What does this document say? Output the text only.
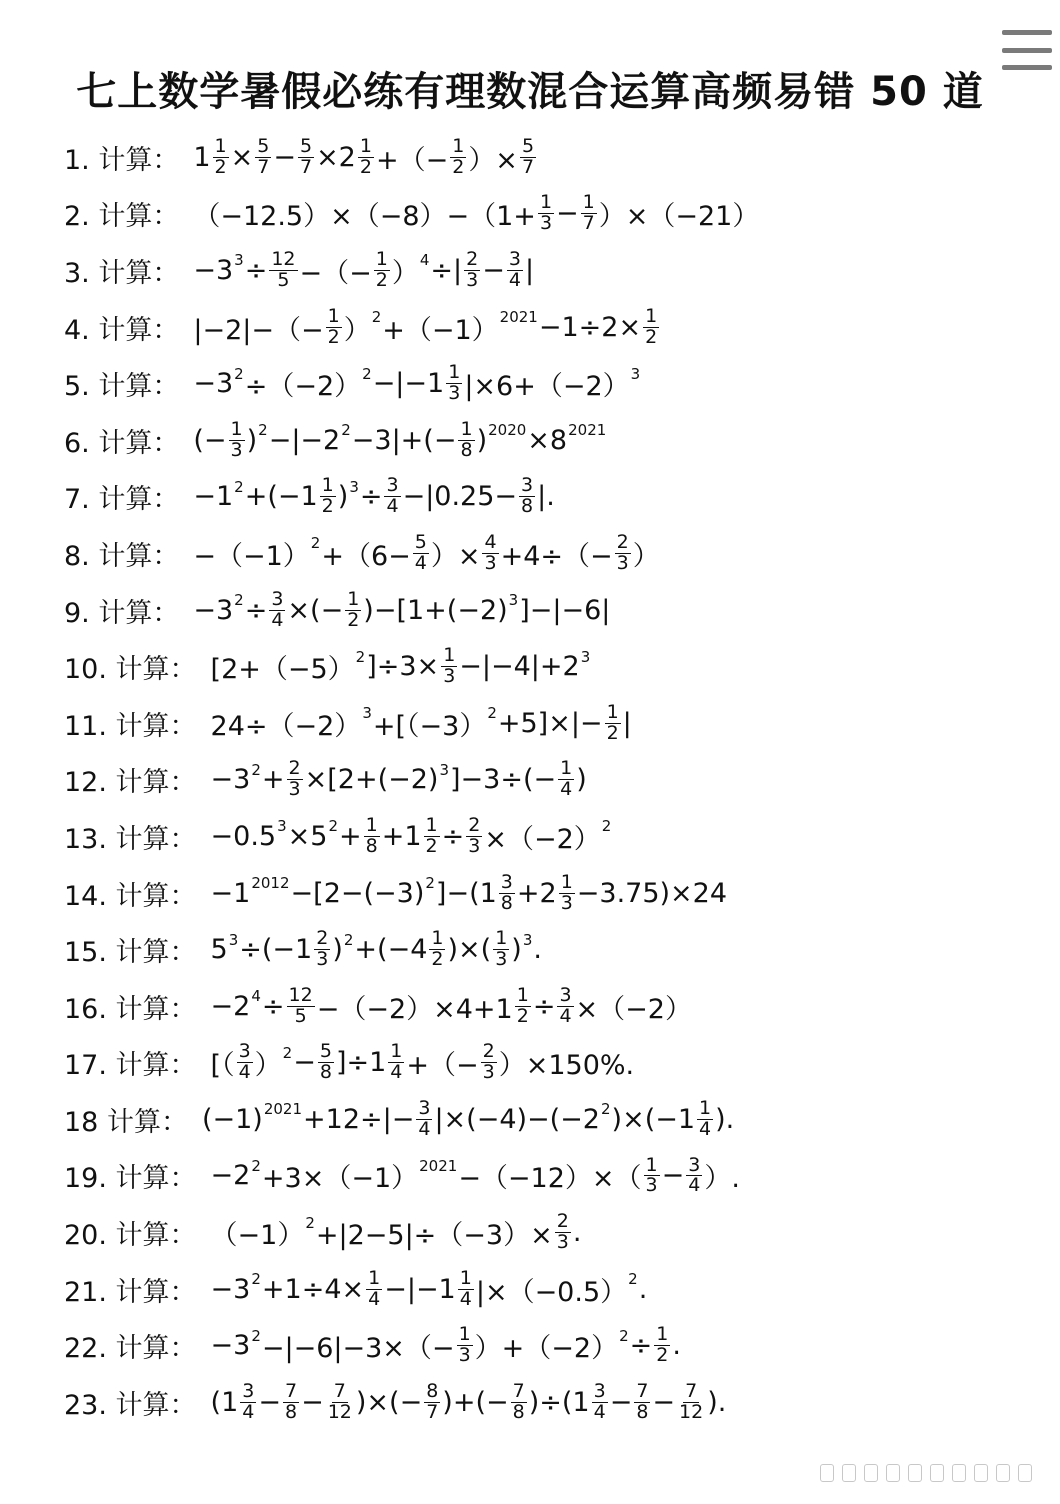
七上数学暑假必练有理数混合运算高频易错 50 道
1. 计算： $1 \frac{1}{2} \times \frac{5}{7} - \frac{5}{7} \times 2 \frac{1}{2}$ +（− $\frac{1}{2}$ ）× $\frac{5}{7}$
2. 计算： $(-12.5)\times(-8)-(1+ \frac{1}{3} - \frac{1}{7} )\times(-21)$
3. 计算： −3 $3 \div \frac{12}{5}$ −（− $\frac{1}{2}$ ） 4 ÷| $\frac{2}{3} - \frac{3}{4}$ |
4. 计算： $|-2|-(- \frac{1}{2}$ ） 2 +（−1） $2021 -1\div 2\times \frac{1}{2}$
5. 计算： −3 2 ÷（−2） $2 -|-1 \frac{1}{3} |\times 6+(-2)$ 3
6. 计算： (− $\frac{1}{3}$ ) 2 −|−2 $2 -3|+(- \frac{1}{8}$ ) 2020 ×8 2021
7. 计算： −1 $2 +(-1 \frac{1}{2}$ ) $3 \div \frac{3}{4} -|0.25- \frac{3}{8}$ |.
8. 计算： −（−1） $2 +(6- \frac{5}{4}$ ）× $\frac{4}{3} +4\div(- \frac{2}{3}$ ）
9. 计算： −3 $2 \div \frac{3}{4}$ ×(− $\frac{1}{2} )-[1+(-2)$ 3 ]−|−6|
10. 计算： [2+（−5） 2 ]$\div 3\times \frac{1}{3} -|-4|+2$ 3
11. 计算： 24÷（−2） 3 +[（−3） $2 +5]\times|- \frac{1}{2}$ |
12. 计算： −3 $2 + \frac{2}{3} \times[2+(-2)$ 3 ]$-3\div(- \frac{1}{4}$ )
13. 计算： −0.5 3 ×5 $2 + \frac{1}{8} +1 \frac{1}{2} \div \frac{2}{3} \times(-2)$ 2
14. 计算： −1 2012 −[2−(−3) 2 ]$-(1 \frac{3}{8} +2 \frac{1}{3} -3.75)\times 24$
15. 计算： 5 $3 \div(-1 \frac{2}{3}$ ) $2 +(-4 \frac{1}{2}$ )×( $\frac{1}{3}$ ) 3 .
16. 计算： −2 $4 \div \frac{12}{5} -(-2)\times 4+1 \frac{1}{2} \div \frac{3}{4} \times(-2)$
17. 计算： [（ $\frac{3}{4}$ ） $2 - \frac{5}{8} ]\div 1 \frac{1}{4}$ +（− $\frac{2}{3} )\times 150\%$.
18 计算： (−1) $2021 +12\div|- \frac{3}{4} |\times(-4)-(-2$ 2 )$\times(-1 \frac{1}{4}$ ).
19. 计算： −2 2 +3×（−1） $2021 -(-12)\times( \frac{1}{3} - \frac{3}{4}$ ）.
20. 计算： （−1） $2 +|2-5|\div(-3)\times \frac{2}{3}$ .
21. 计算： −3 $2 +1\div 4\times \frac{1}{4} -|-1 \frac{1}{4} |\times(-0.5)$ 2 .
22. 计算： −3 $2 -|-6|-3\times(- \frac{1}{3} )+(-2)$ $2 \div \frac{1}{2}$ .
23. 计算： ($1 \frac{3}{4} - \frac{7}{8} - \frac{7}{12}$ )×(− $\frac{8}{7}$ )+(− $\frac{7}{8} )\div(1 \frac{3}{4} - \frac{7}{8} - \frac{7}{12}$ ).
